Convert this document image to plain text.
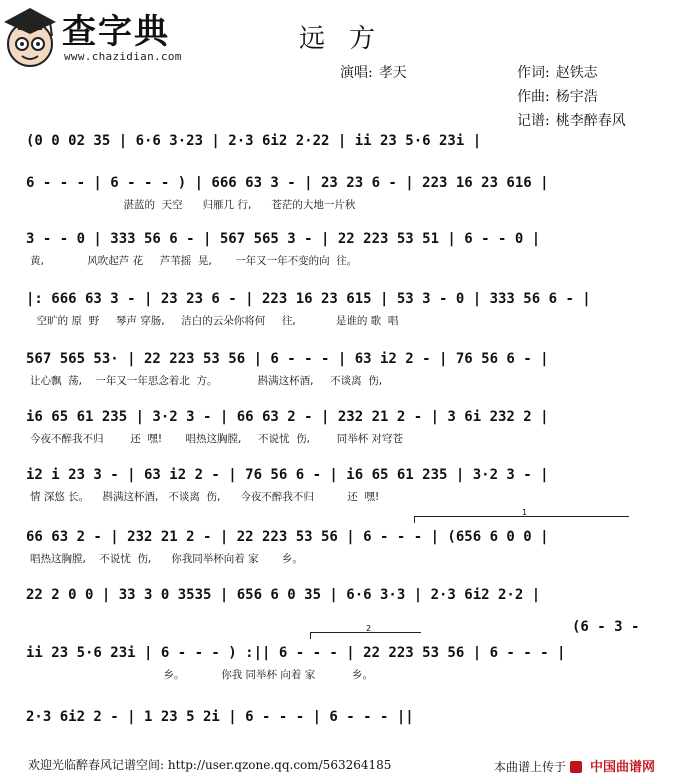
查字典
www.chazidian.com
远方
演唱: 孝天	作词: 赵铁志
作曲: 杨宇浩
记谱: 桃李醉春风
(0 0 02 35 | 6·6 3·23 | 2·3 6i2 2·22 | ii 23 5·6 23i |
6 - - - | 6 - - - ) | 666 63 3 - | 23 23 6 - | 223 16 23 616 |
湛蓝的  天空      归雁几 行,      苍茫的大地一片秋
3 - - 0 | 333 56 6 - | 567 565 3 - | 22 223 53 51 | 6 - - 0 |
黄,             风吹起芦 花     芦苇摇  晃,       一年又一年不变的向  往。
|: 666 63 3 - | 23 23 6 - | 223 16 23 615 | 53 3 - 0 | 333 56 6 - |
空旷的 原  野     琴声 穿肠,     洁白的云朵你将何     往,            是谁的 歌  唱
567 565 53· | 22 223 53 56 | 6 - - - | 63 i2 2 - | 76 56 6 - |
让心飘  荡,    一年又一年思念着北  方。            斟满这杯酒,     不谈离  伤,
i6 65 61 235 | 3·2 3 - | 66 63 2 - | 232 21 2 - | 3 6i 232 2 |
今夜不醉我不归        还  嘿!       唱热这胸膛,     不说忧  伤,        同举杯 对穹苍
i2 i 23 3 - | 63 i2 2 - | 76 56 6 - | i6 65 61 235 | 3·2 3 - |
情 深悠 长。    斟满这杯酒,   不谈离  伤,      今夜不醉我不归          还  嘿!
1
66 63 2 - | 232 21 2 - | 22 223 53 56 | 6 - - - | (656 6 0 0 |
唱热这胸膛,    不说忧  伤,      你我同举杯向着 家       乡。
22 2 0 0 | 33 3 0 3535 | 656 6 0 35 | 6·6 3·3 | 2·3 6i2 2·2 |
(6 - 3 -
2
ii 23 5·6 23i | 6 - - - ) :|| 6 - - - | 22 223 53 56 | 6 - - - |
乡。           你我 同举杯 向着 家           乡。
2·3 6i2 2 - | 1 23 5 2i | 6 - - - | 6 - - - ||
欢迎光临醉春风记谱空间: http://user.qzone.qq.com/563264185	本曲谱上传于 中国曲谱网
